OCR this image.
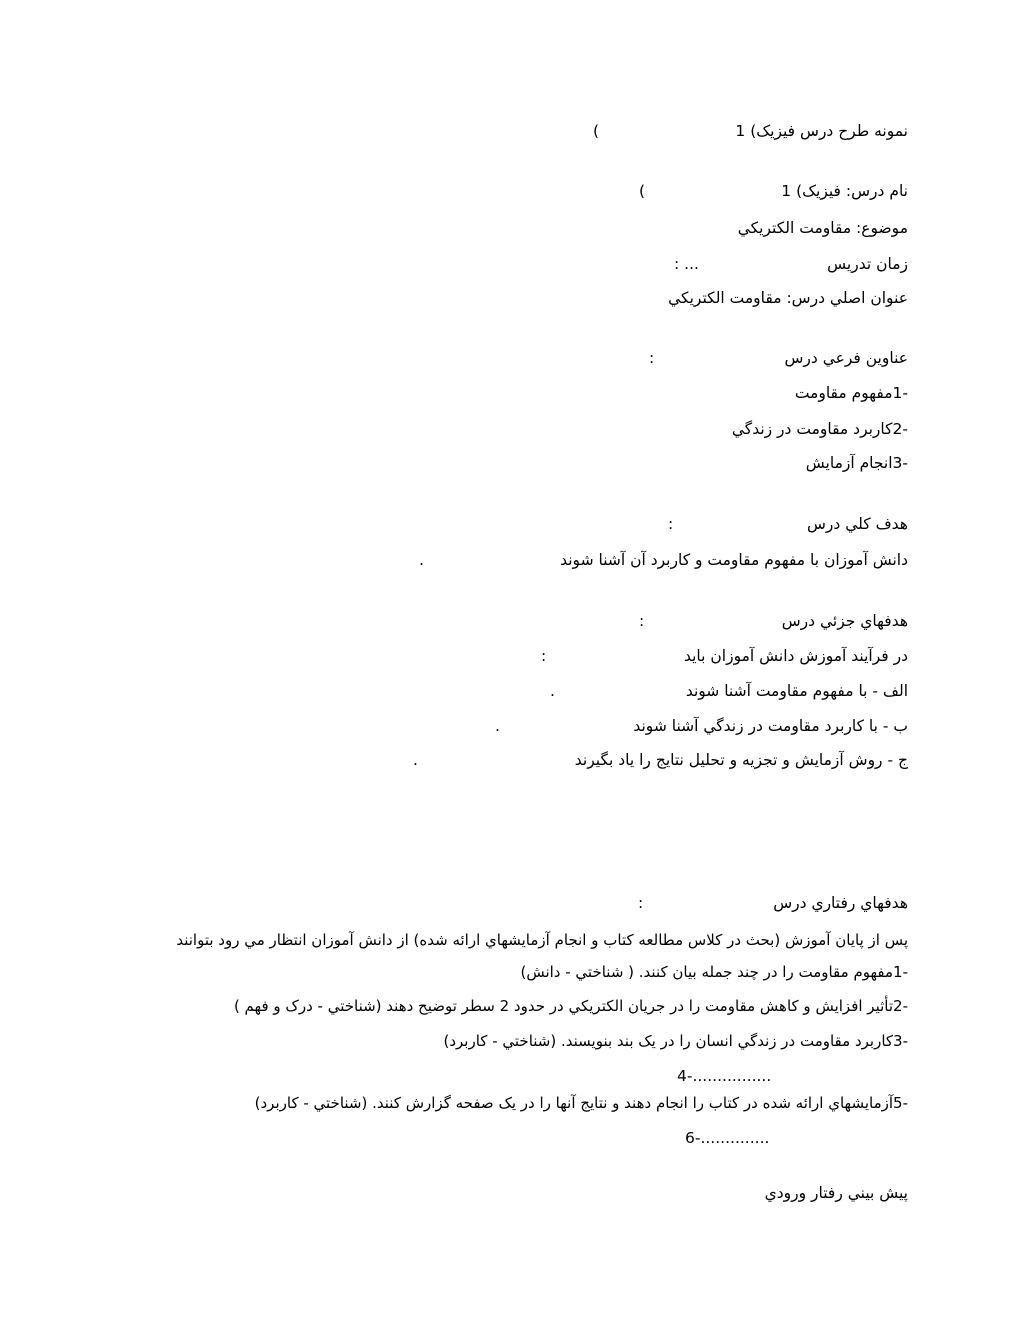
نمونه طرح درس فیزیک) 1
(
نام درس: فیزیک) 1
(
موضوع: مقاومت الکتریکي
زمان تدریس
... :
عنوان اصلي درس: مقاومت الکتریکي
عناوین فرعي درس
:
-1مفهوم مقاومت
-2کاربرد مقاومت در زندگي
-3انجام آزمایش
هدف کلي درس
:
دانش آموزان با مفهوم مقاومت و کاربرد آن آشنا شوند
.
هدفهاي جزئي درس
:
در فرآیند آموزش دانش آموزان باید
:
الف - با مفهوم مقاومت آشنا شوند
.
ب - با کاربرد مقاومت در زندگي آشنا شوند
.
ج - روش آزمایش و تجزیه و تحلیل نتایج را یاد بگیرند
.
هدفهاي رفتاري درس
:
پس از پایان آموزش (بحث در کلاس مطالعه کتاب و انجام آزمایشهاي ارائه شده) از دانش آموزان انتظار مي رود بتوانند
-1مفهوم مقاومت را در چند جمله بیان کنند. ( شناختي - دانش)
-2تأثیر افزایش و کاهش مقاومت را در جریان الکتریکي در حدود 2 سطر توضیح دهند (شناختي - درک و فهم )
-3کاربرد مقاومت در زندگي انسان را در یک بند بنویسند. (شناختي - کاربرد)
4-................
-5آزمایشهاي ارائه شده در کتاب را انجام دهند و نتایج آنها را در یک صفحه گزارش کنند. (شناختي - کاربرد)
6-..............
پیش بیني رفتار ورودي
